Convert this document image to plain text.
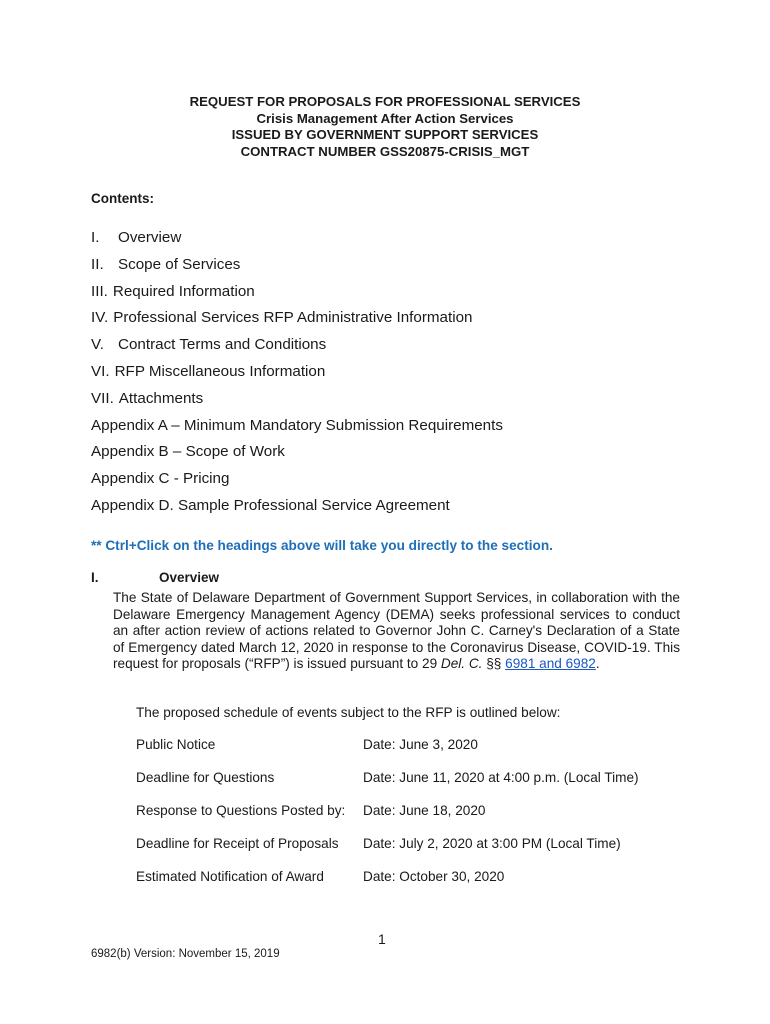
REQUEST FOR PROPOSALS FOR PROFESSIONAL SERVICES
Crisis Management After Action Services
ISSUED BY GOVERNMENT SUPPORT SERVICES
CONTRACT NUMBER GSS20875-CRISIS_MGT
Contents:
I. Overview
II. Scope of Services
III. Required Information
IV. Professional Services RFP Administrative Information
V. Contract Terms and Conditions
VI. RFP Miscellaneous Information
VII. Attachments
Appendix A – Minimum Mandatory Submission Requirements
Appendix B – Scope of Work
Appendix C - Pricing
Appendix D. Sample Professional Service Agreement
** Ctrl+Click on the headings above will take you directly to the section.
I.	Overview
The State of Delaware Department of Government Support Services, in collaboration with the Delaware Emergency Management Agency (DEMA) seeks professional services to conduct an after action review of actions related to Governor John C. Carney's Declaration of a State of Emergency dated March 12, 2020 in response to the Coronavirus Disease, COVID-19. This request for proposals (“RFP”) is issued pursuant to 29 Del. C. §§ 6981 and 6982.
The proposed schedule of events subject to the RFP is outlined below:
Public Notice	Date: June 3, 2020
Deadline for Questions	Date: June 11, 2020 at 4:00 p.m. (Local Time)
Response to Questions Posted by: Date: June 18, 2020
Deadline for Receipt of Proposals Date: July 2, 2020 at 3:00 PM (Local Time)
Estimated Notification of Award	Date: October 30, 2020
1
6982(b) Version: November 15, 2019
